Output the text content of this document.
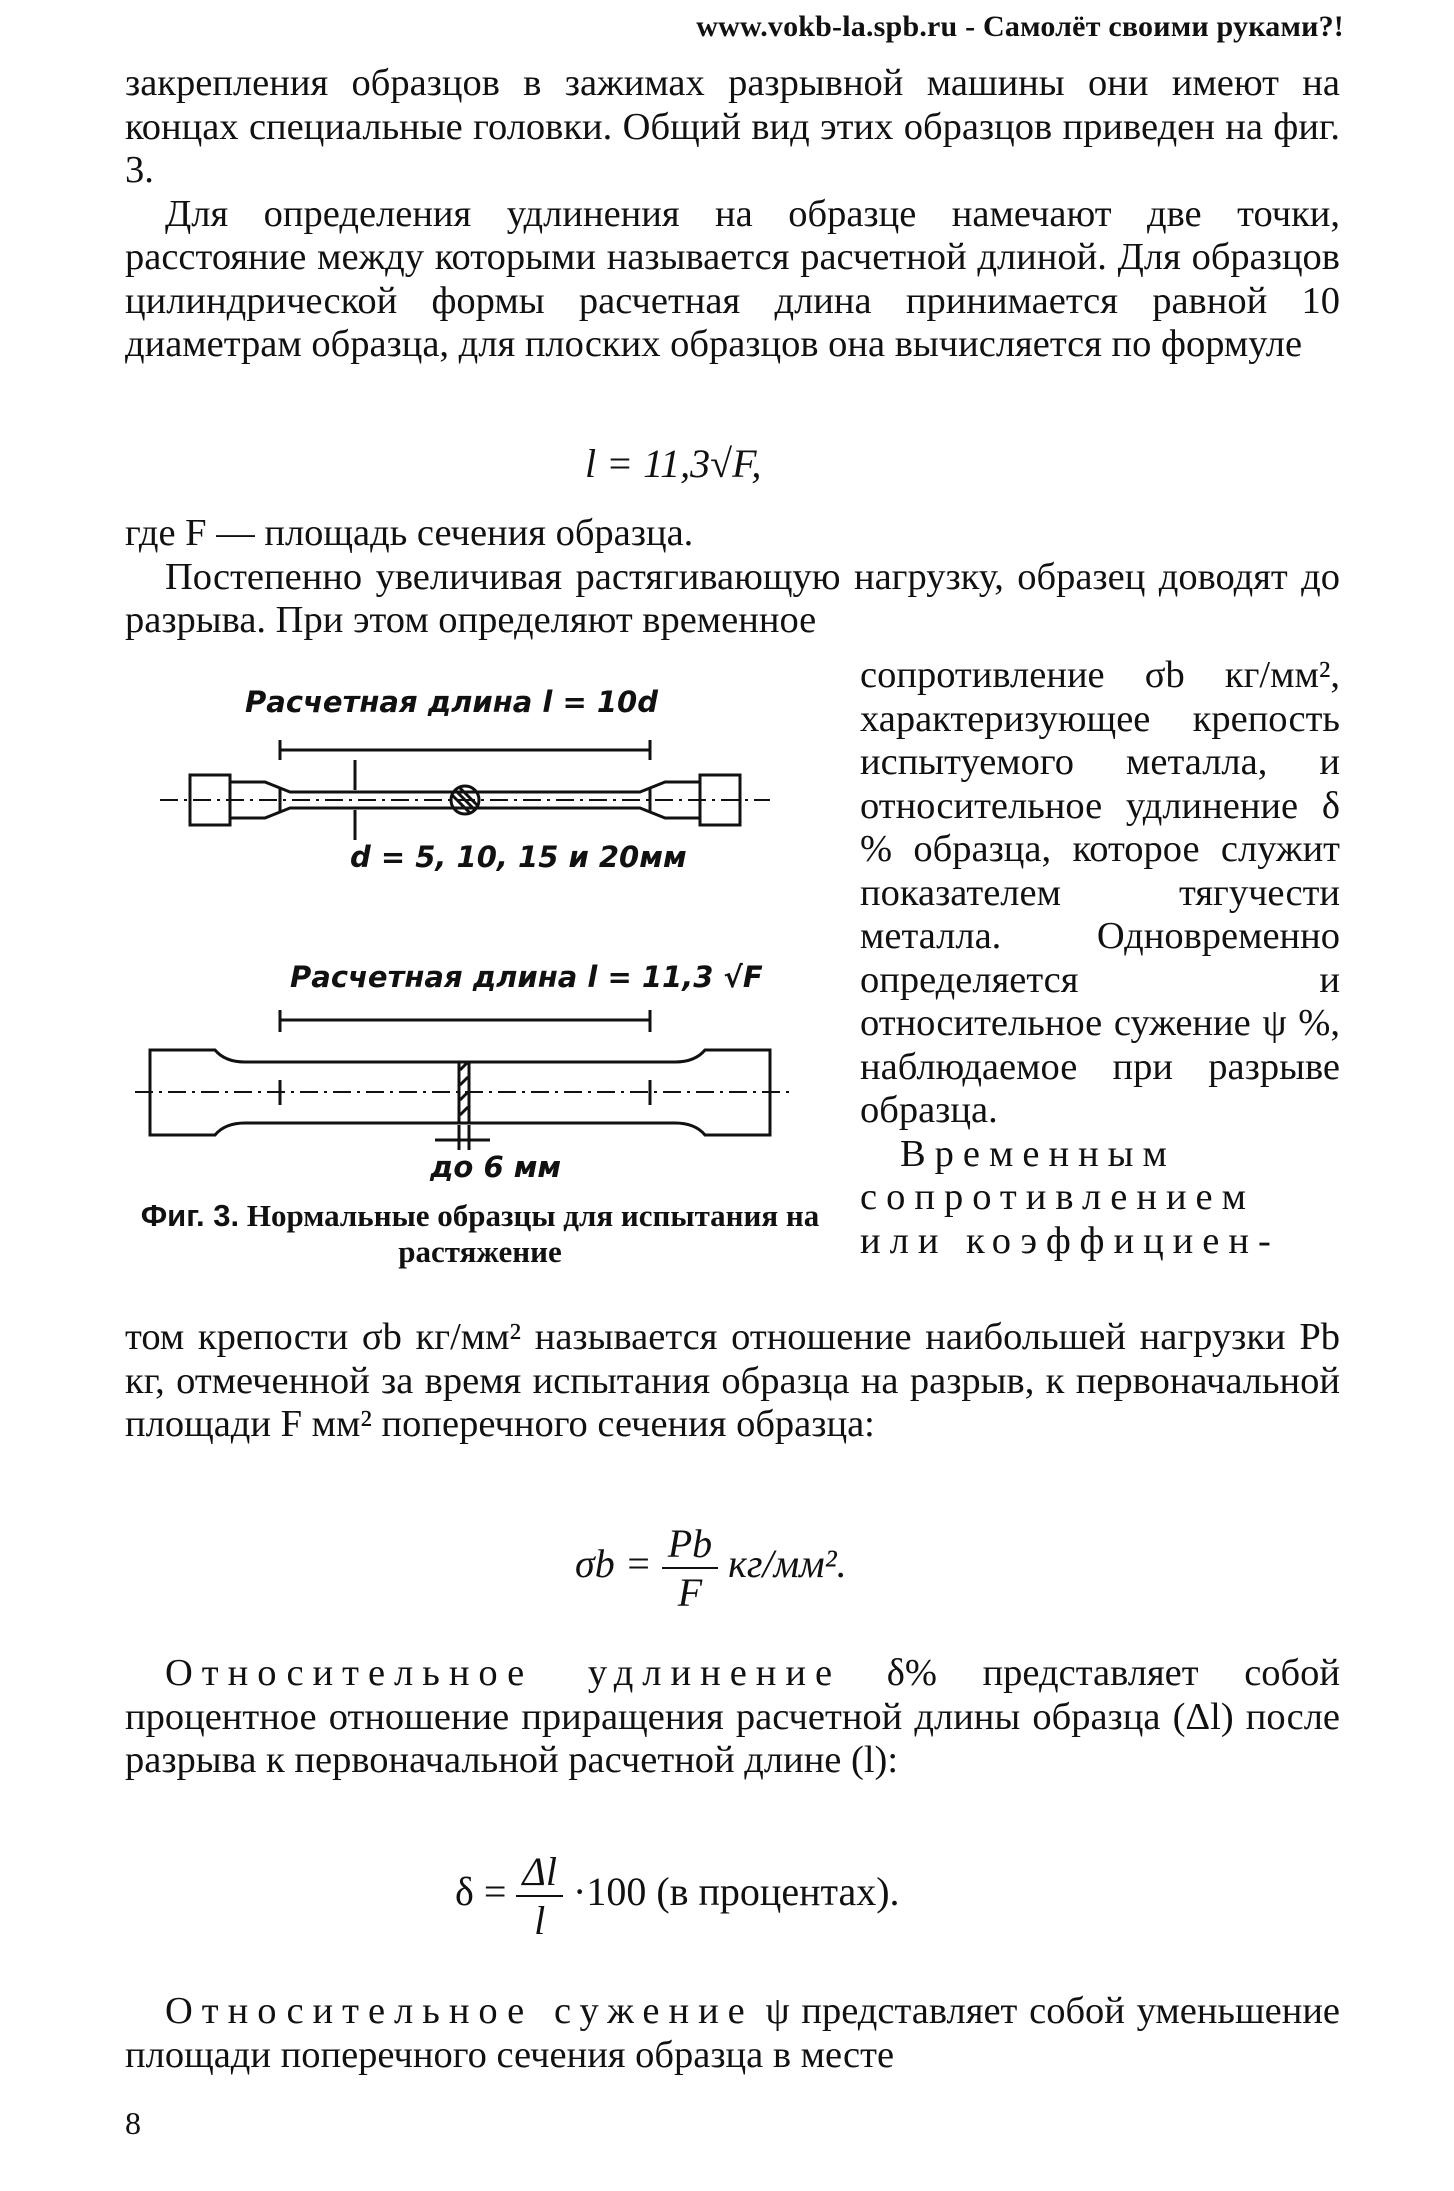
www.vokb-la.spb.ru - Самолёт своими руками?!

закрепления образцов в зажимах разрывной машины они имеют на концах специальные головки. Общий вид этих образцов приведен на фиг. 3.

Для определения удлинения на образце намечают две точки, расстояние между которыми называется расчетной длиной. Для образцов цилиндрической формы расчетная длина принимается равной 10 диаметрам образца, для плоских образцов она вычисляется по формуле

l = 11,3√F,

где F — площадь сечения образца.

Постепенно увеличивая растягивающую нагрузку, образец доводят до разрыва. При этом определяют временное

Расчетная длина l = 10d
d = 5, 10, 15 и 20мм
Расчетная длина l = 11,3 √F
до 6 мм
Фиг. 3. Нормальные образцы для испытания на растяжение

сопротивление σb кг/мм², характеризующее крепость испытуемого металла, и относительное удлинение δ % образца, которое служит показателем тягучести металла. Одновременно определяется и относительное сужение ψ %, наблюдаемое при разрыве образца.

Временным сопротивлением или коэффициен-

том крепости σb кг/мм² называется отношение наибольшей нагрузки Pb кг, отмеченной за время испытания образца на разрыв, к первоначальной площади F мм² поперечного сечения образца:

$\sigma b = \frac{Pb}{F} кг/мм^2$.

Относительное удлинение δ% представляет собой процентное отношение приращения расчетной длины образца (Δl) после разрыва к первоначальной расчетной длине (l):

$\delta = \frac{\Delta l}{l} \cdot 100$ (в процентах).

Относительное сужение ψ представляет собой уменьшение площади поперечного сечения образца в месте

8
